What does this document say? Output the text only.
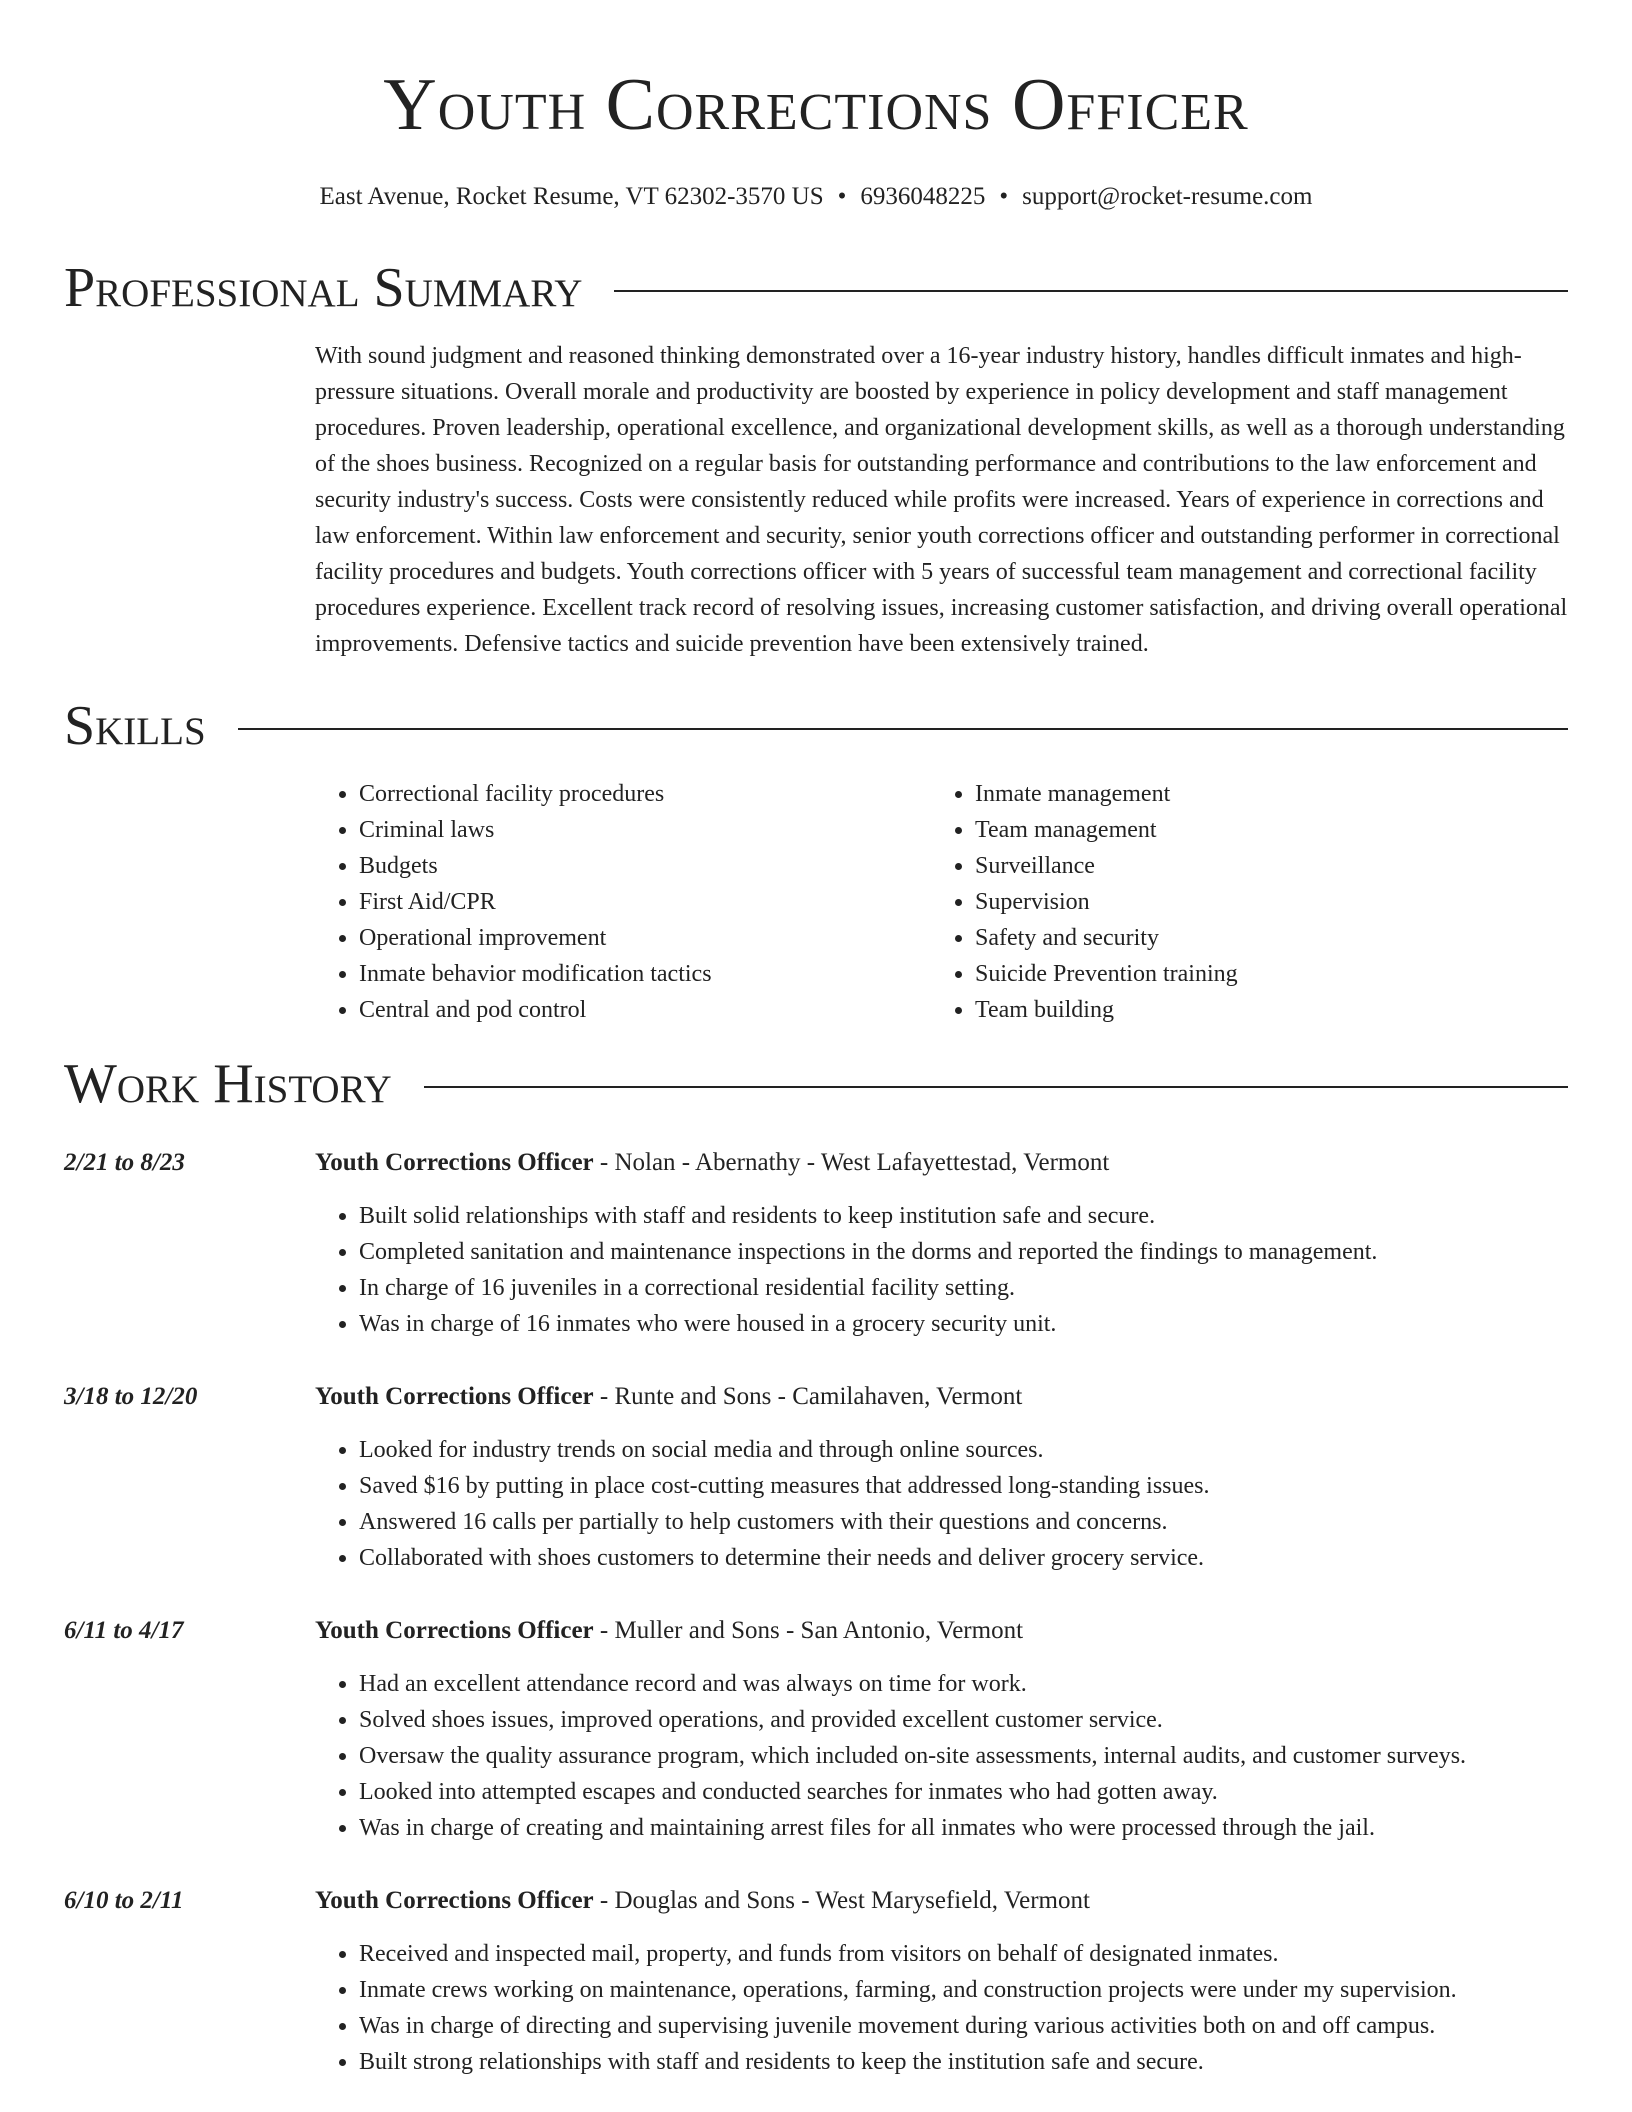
Youth Corrections Officer
East Avenue, Rocket Resume, VT 62302-3570 US • 6936048225 • support@rocket-resume.com
Professional Summary

With sound judgment and reasoned thinking demonstrated over a 16-year industry history, handles difficult inmates and high-pressure situations. Overall morale and productivity are boosted by experience in policy development and staff management procedures. Proven leadership, operational excellence, and organizational development skills, as well as a thorough understanding of the shoes business. Recognized on a regular basis for outstanding performance and contributions to the law enforcement and security industry's success. Costs were consistently reduced while profits were increased. Years of experience in corrections and law enforcement. Within law enforcement and security, senior youth corrections officer and outstanding performer in correctional facility procedures and budgets. Youth corrections officer with 5 years of successful team management and correctional facility procedures experience. Excellent track record of resolving issues, increasing customer satisfaction, and driving overall operational improvements. Defensive tactics and suicide prevention have been extensively trained.

Skills
• Correctional facility procedures
• Criminal laws
• Budgets
• First Aid/CPR
• Operational improvement
• Inmate behavior modification tactics
• Central and pod control
• Inmate management
• Team management
• Surveillance
• Supervision
• Safety and security
• Suicide Prevention training
• Team building
Work History
2/21 to 8/23	Youth Corrections Officer - Nolan - Abernathy - West Lafayettestad, Vermont
• Built solid relationships with staff and residents to keep institution safe and secure.
• Completed sanitation and maintenance inspections in the dorms and reported the findings to management.
• In charge of 16 juveniles in a correctional residential facility setting.
• Was in charge of 16 inmates who were housed in a grocery security unit.
3/18 to 12/20	Youth Corrections Officer - Runte and Sons - Camilahaven, Vermont
• Looked for industry trends on social media and through online sources.
• Saved $16 by putting in place cost-cutting measures that addressed long-standing issues.
• Answered 16 calls per partially to help customers with their questions and concerns.
• Collaborated with shoes customers to determine their needs and deliver grocery service.
6/11 to 4/17	Youth Corrections Officer - Muller and Sons - San Antonio, Vermont
• Had an excellent attendance record and was always on time for work.
• Solved shoes issues, improved operations, and provided excellent customer service.
• Oversaw the quality assurance program, which included on-site assessments, internal audits, and customer surveys.
• Looked into attempted escapes and conducted searches for inmates who had gotten away.
• Was in charge of creating and maintaining arrest files for all inmates who were processed through the jail.
6/10 to 2/11	Youth Corrections Officer - Douglas and Sons - West Marysefield, Vermont
• Received and inspected mail, property, and funds from visitors on behalf of designated inmates.
• Inmate crews working on maintenance, operations, farming, and construction projects were under my supervision.
• Was in charge of directing and supervising juvenile movement during various activities both on and off campus.
• Built strong relationships with staff and residents to keep the institution safe and secure.
